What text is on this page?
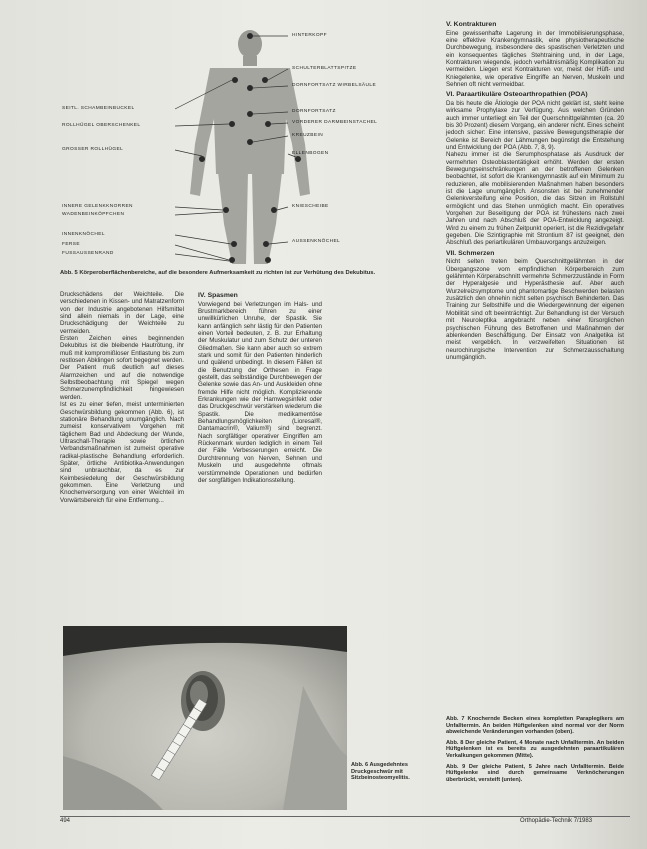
HINTERKOPF
SCHULTERBLATTSPITZE
DORNFORTSATZ WIRBELSÄULE
DORNFORTSATZ
VORDERER DARMBEINSTACHEL
KREUZBEIN
ELLENBOGEN
KNIESCHEIBE
AUSSENKNÖCHEL
SEITL. SCHAMBEINBUCKEL
ROLLHÜGEL OBERSCHENKEL
GROSSER ROLLHÜGEL
INNERE GELENKKNORREN
WADENBEINKÖPFCHEN
INNENKNÖCHEL
FERSE
FUSSAUSSENRAND
Abb. 5 Körperoberflächenbereiche, auf die besondere Aufmerksamkeit zu richten ist zur Verhütung des Dekubitus.

Druckschädens der Weichteile. Die verschiedenen in Kissen- und Matratzenform von der Industrie angebotenen Hilfsmittel sind allein niemals in der Lage, eine Druckschädigung der Weichteile zu vermeiden.

Ersten Zeichen eines beginnenden Dekubitus ist die bleibende Hautrötung, ihr muß mit kompromißloser Entlastung bis zum restlosen Abklingen sofort begegnet werden. Der Patient muß deutlich auf dieses Alarmzeichen und auf die notwendige Selbstbeobachtung mit Spiegel wegen Schmerzunempfindlichkeit hingewiesen werden.

Ist es zu einer tiefen, meist unterminierten Geschwürsbildung gekommen (Abb. 6), ist stationäre Behandlung unumgänglich. Nach zumeist konservativem Vorgehen mit täglichem Bad und Abdeckung der Wunde, Ultraschall-Therapie sowie örtlichen Verbandsmaßnahmen ist zumeist operative radikal-plastische Behandlung erforderlich. Später, örtliche Antibiotika-Anwendungen sind unbrauchbar, da es zur Keimbesiedelung der Geschwürsbildung gekommen. Eine Verletzung und Knochenversorgung von einer Weichteil im Vorwärtsbereich für eine Entfernung...

IV. Spasmen

Vorwiegend bei Verletzungen im Hals- und Brustmarkbereich führen zu einer unwillkürlichen Unruhe, der Spastik. Sie kann anfänglich sehr lästig für den Patienten einen Vorteil bedeuten, z. B. zur Erhaltung der Muskulatur und zum Schutz der unteren Gliedmaßen. Sie kann aber auch so extrem stark und somit für den Patienten hinderlich und quälend unbedingt. In diesem Fällen ist die Benutzung der Orthesen in Frage gestellt, das selbständige Durchbewegen der Gelenke sowie das An- und Auskleiden ohne fremde Hilfe nicht möglich. Komplizierende Erkrankungen wie der Harnwegsinfekt oder das Druckgeschwür verstärken wiederum die Spastik. Die medikamentöse Behandlungsmöglichkeiten (Lioresal®, Dantamacrin®, Valium®) sind begrenzt. Nach sorgfältiger operativer Eingriffen am Rückenmark wurden lediglich in einem Teil der Fälle Verbesserungen erreicht. Die Durchtrennung von Nerven, Sehnen und Muskeln und ausgedehnte oftmals verstümmelnde Operationen und bedürfen der sorgfältigen Indikationsstellung.

V. Kontrakturen

Eine gewissenhafte Lagerung in der Immobilisierungsphase, eine effektive Krankengymnastik, eine physiotherapeutische Durchbewegung, insbesondere des spastischen Verletzten und ein konsequentes tägliches Stehtraining und, in der Lage, Kontrakturen wiegende, jedoch verhältnismäßig Komplikation zu vermeiden. Liegen erst Kontrakturen vor, meist der Hüft- und Kniegelenke, wie operative Eingriffe an Nerven, Muskeln und Sehnen oft nicht vermeidbar.

VI. Paraartikuläre Osteoarthropathien (POA)

Da bis heute die Ätiologie der POA nicht geklärt ist, steht keine wirksame Prophylaxe zur Verfügung. Aus welchen Gründen auch immer unterliegt ein Teil der Querschnittgelähmten (ca. 20 bis 30 Prozent) diesem Vorgang, ein anderer nicht. Eines scheint jedoch sicher: Eine intensive, passive Bewegungstherapie der Gelenke ist Bereich der Lähmungen begünstigt die Entstehung und Entwicklung der POA (Abb. 7, 8, 9).

Nahezu immer ist die Serumphosphatase als Ausdruck der vermehrten Osteoblastentätigkeit erhöht. Werden der ersten Bewegungseinschränkungen an der betroffenen Gelenken beobachtet, ist sofort die Krankengymnastik auf ein Minimum zu reduzieren, alle mobilisierenden Maßnahmen haben besonders ist die Lage unumgänglich. Ansonsten ist bei zunehmender Gelenkversteifung eine Position, die das Sitzen im Rollstuhl ermöglicht und das Stehen unmöglich macht. Ein operatives Vorgehen zur Beseitigung der POA ist frühestens nach zwei Jahren und nach Abschluß der POA-Entwicklung angezeigt. Wird zu einem zu frühen Zeitpunkt operiert, ist die Rezidivgefahr gegeben. Die Szintigraphie mit Strontium 87 ist geeignet, den Abschluß des periartikulären Umbauvorgangs anzuzeigen.

VII. Schmerzen

Nicht selten treten beim Querschnittgelähmten in der Übergangszone vom empfindlichen Körperbereich zum gelähmten Körperabschnitt vermehrte Schmerzzustände in Form der Hyperalgesie und Hyperästhesie auf. Aber auch Wurzelreizsymptome und phantomartige Beschwerden belasten zusätzlich den ohnehin nicht selten psychisch Behinderten. Das Training zur Selbsthilfe und die Wiedergewinnung der eigenen Mobilität sind oft beeinträchtigt. Zur Behandlung ist der Versuch mit Neuroleptika angebracht neben einer fürsorglichen psychischen Führung des Betroffenen und Maßnahmen der ablenkenden Beschäftigung. Der Einsatz von Analgetika ist meist vergeblich. In verzweifelten Situationen ist neurochirurgische Intervention zur Schmerzausschaltung unumgänglich.

Abb. 7 Knochernde Becken eines kompletten Paraplegikers am Unfalltermin. An beiden Hüftgelenken sind normal vor der Norm abweichende Veränderungen vorhanden (oben).

Abb. 8 Der gleiche Patient, 4 Monate nach Unfalltermin. An beiden Hüftgelenken ist es bereits zu ausgedehnten paraartikulären Verkalkungen gekommen (Mitte).

Abb. 9 Der gleiche Patient, 5 Jahre nach Unfalltermin. Beide Hüftgelenke sind durch gemeinsame Verknöcherungen überbrückt, versteift (unten).

Abb. 6 Ausgedehntes Druckgeschwür mit Sitzbeinosteomyelitis.
494	Orthopädie-Technik 7/1983
